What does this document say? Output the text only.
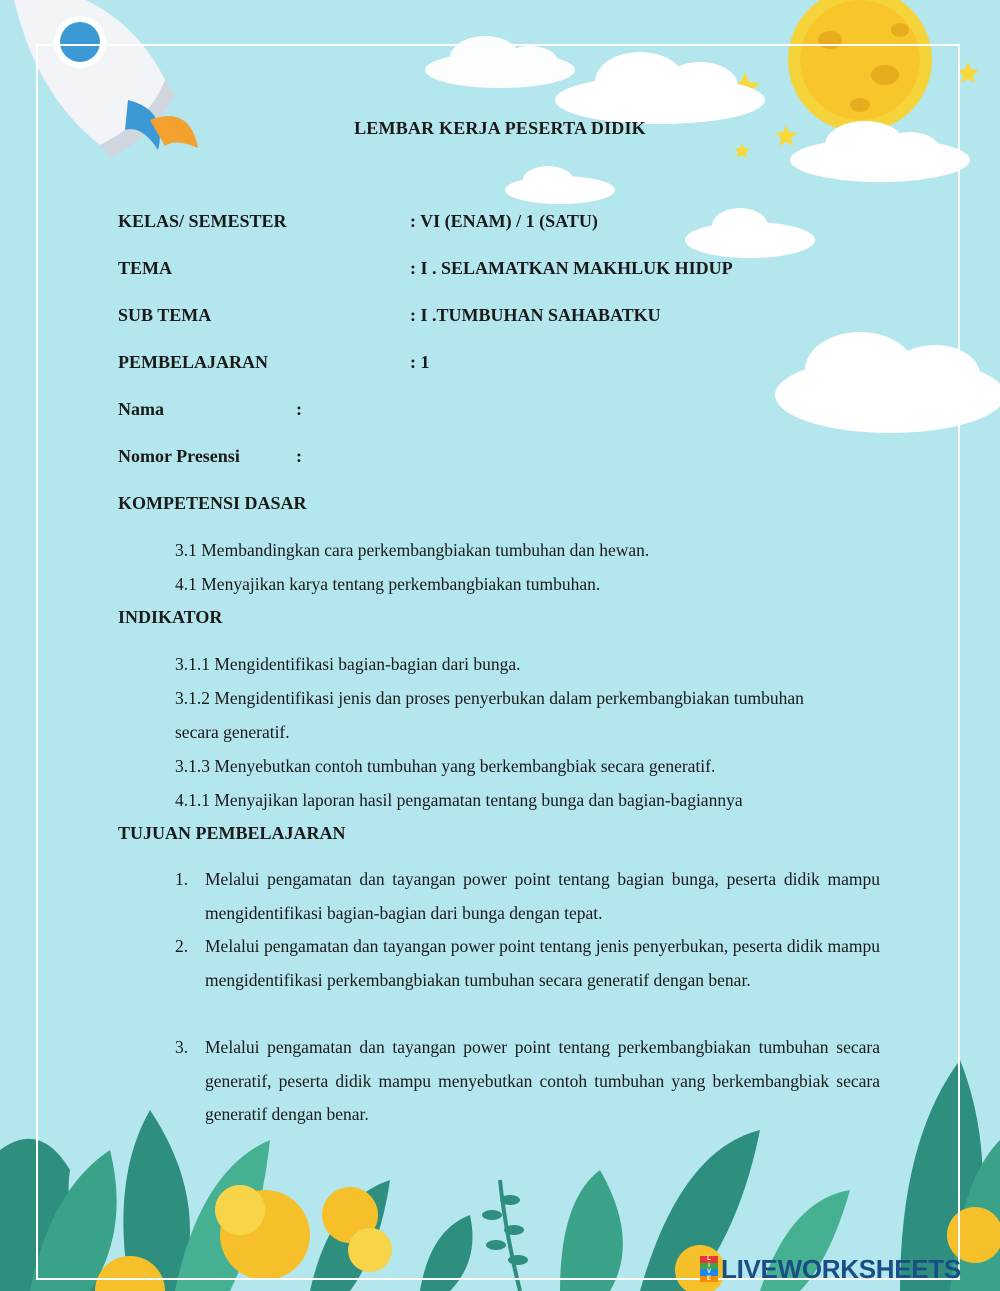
LEMBAR KERJA PESERTA DIDIK
KELAS/ SEMESTER	: VI (ENAM) / 1 (SATU)
TEMA	: I . SELAMATKAN MAKHLUK HIDUP
SUB TEMA	: I .TUMBUHAN SAHABATKU
PEMBELAJARAN	: 1
Nama	:
Nomor Presensi	:
KOMPETENSI DASAR
3.1 Membandingkan cara perkembangbiakan tumbuhan dan hewan.
4.1 Menyajikan karya tentang perkembangbiakan tumbuhan.
INDIKATOR
3.1.1 Mengidentifikasi bagian-bagian dari bunga.
3.1.2 Mengidentifikasi jenis dan proses penyerbukan dalam perkembangbiakan tumbuhan
secara generatif.
3.1.3 Menyebutkan contoh tumbuhan yang berkembangbiak secara generatif.
4.1.1 Menyajikan laporan hasil pengamatan tentang bunga dan bagian-bagiannya
TUJUAN PEMBELAJARAN
1. Melalui pengamatan dan tayangan power point tentang bagian bunga, peserta didik mampu mengidentifikasi bagian-bagian dari bunga dengan tepat.
2. Melalui pengamatan dan tayangan power point tentang jenis penyerbukan, peserta didik mampu mengidentifikasi perkembangbiakan tumbuhan secara generatif dengan benar.
3. Melalui pengamatan dan tayangan power point tentang perkembangbiakan tumbuhan secara generatif, peserta didik mampu menyebutkan contoh tumbuhan yang berkembangbiak secara generatif dengan benar.
L
I
V
E LIVEWORKSHEETS
